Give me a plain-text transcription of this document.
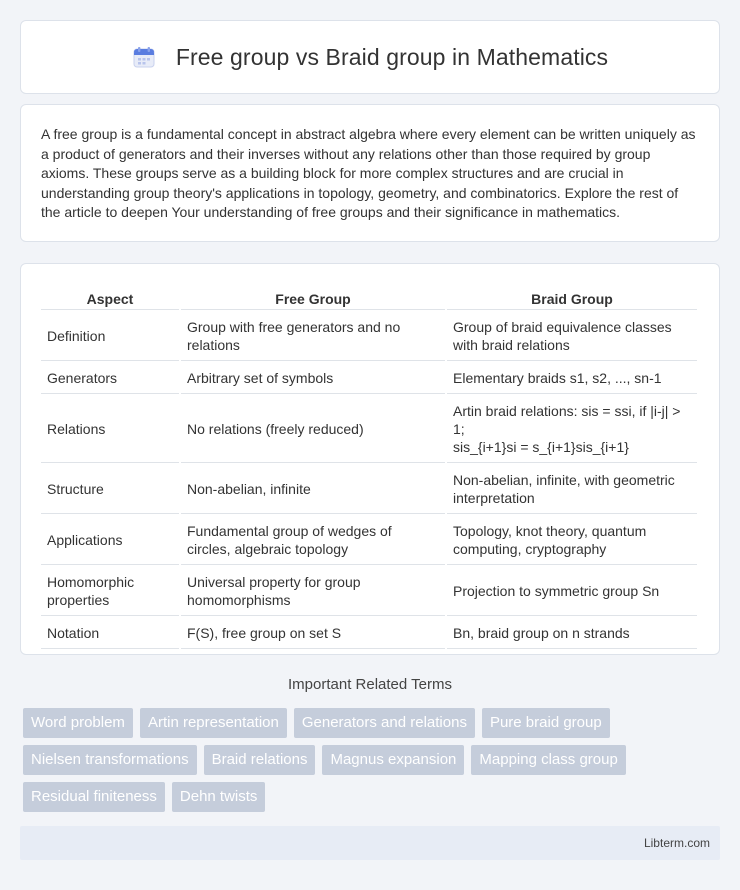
Free group vs Braid group in Mathematics

A free group is a fundamental concept in abstract algebra where every element can be written uniquely as a product of generators and their inverses without any relations other than those required by group axioms. These groups serve as a building block for more complex structures and are crucial in understanding group theory's applications in topology, geometry, and combinatorics. Explore the rest of the article to deepen Your understanding of free groups and their significance in mathematics.

Aspect	Free Group	Braid Group
Definition	Group with free generators and no relations	Group of braid equivalence classes with braid relations
Generators	Arbitrary set of symbols	Elementary braids s1, s2, ..., sn-1
Relations	No relations (freely reduced)	Artin braid relations: sis = ssi, if |i-j| > 1;
sis_{i+1}si = s_{i+1}sis_{i+1}
Structure	Non-abelian, infinite	Non-abelian, infinite, with geometric interpretation
Applications	Fundamental group of wedges of circles, algebraic topology	Topology, knot theory, quantum computing, cryptography
Homomorphic properties	Universal property for group homomorphisms	Projection to symmetric group Sn
Notation	F(S), free group on set S	Bn, braid group on n strands
Important Related Terms
Word problem	Artin representation	Generators and relations	Pure braid group
Nielsen transformations	Braid relations	Magnus expansion	Mapping class group
Residual finiteness	Dehn twists
Libterm.com
